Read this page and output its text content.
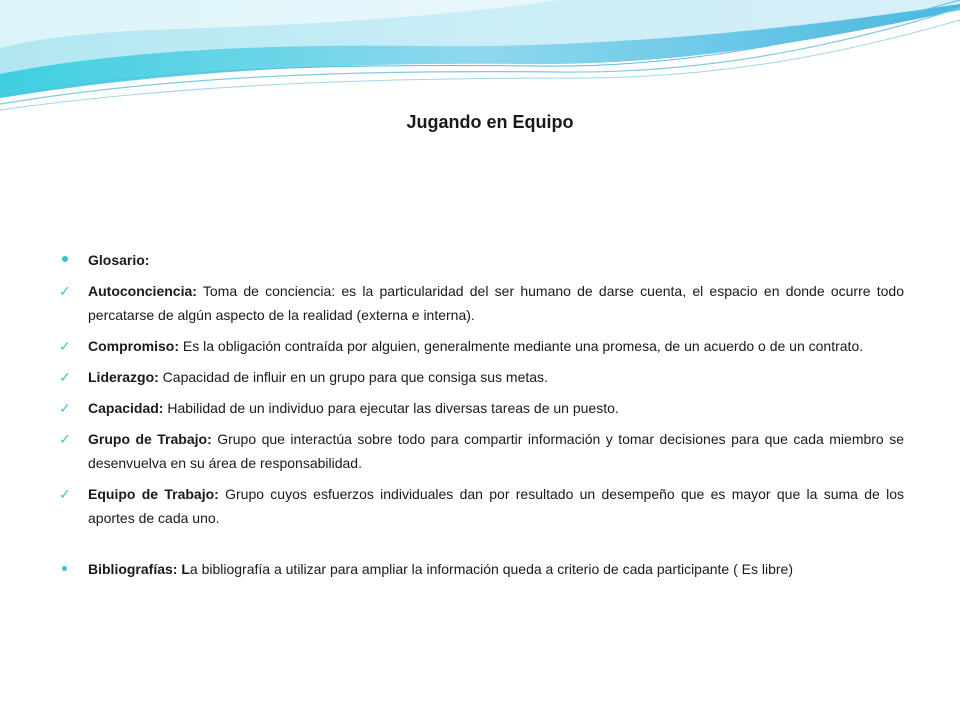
Jugando en Equipo
Glosario:
✓ Autoconciencia: Toma de conciencia: es la particularidad del ser humano de darse cuenta, el espacio en donde ocurre todo percatarse de algún aspecto de la realidad (externa e interna).
✓ Compromiso: Es la obligación contraída por alguien, generalmente mediante una promesa, de un acuerdo o de un contrato.
✓ Liderazgo: Capacidad de influir en un grupo para que consiga sus metas.
✓ Capacidad: Habilidad de un individuo para ejecutar las diversas tareas de un puesto.
✓ Grupo de Trabajo: Grupo que interactúa sobre todo para compartir información y tomar decisiones para que cada miembro se desenvuelva en su área de responsabilidad.
✓ Equipo de Trabajo: Grupo cuyos esfuerzos individuales dan por resultado un desempeño que es mayor que la suma de los aportes de cada uno.
Bibliografías: La bibliografía a utilizar para ampliar la información queda a criterio de cada participante ( Es libre)
